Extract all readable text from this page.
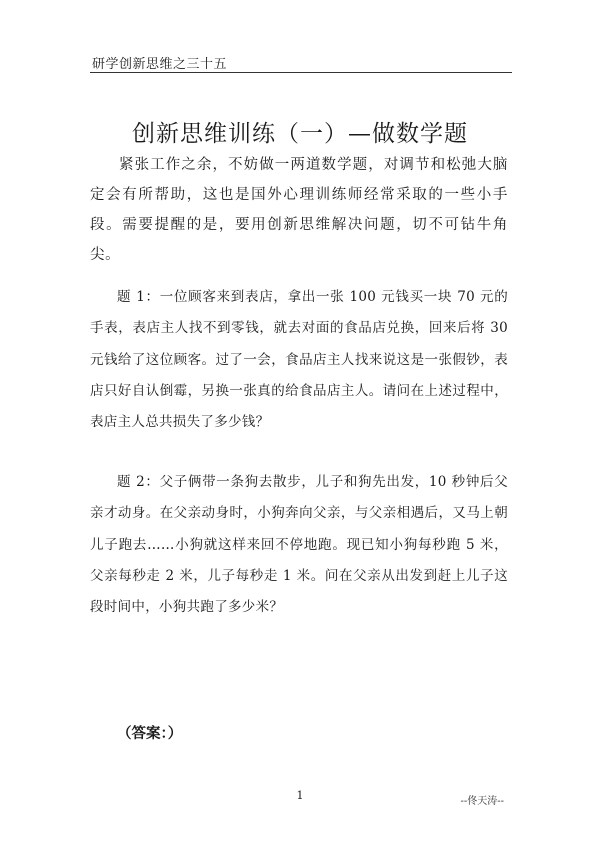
研学创新思维之三十五
创新思维训练（一）—做数学题

紧张工作之余，不妨做一两道数学题，对调节和松弛大脑定会有所帮助，这也是国外心理训练师经常采取的一些小手段。需要提醒的是，要用创新思维解决问题，切不可钻牛角尖。

题 1：一位顾客来到表店，拿出一张 100 元钱买一块 70 元的手表，表店主人找不到零钱，就去对面的食品店兑换，回来后将 30 元钱给了这位顾客。过了一会，食品店主人找来说这是一张假钞，表店只好自认倒霉，另换一张真的给食品店主人。请问在上述过程中，表店主人总共损失了多少钱？

题 2：父子俩带一条狗去散步，儿子和狗先出发，10 秒钟后父亲才动身。在父亲动身时，小狗奔向父亲，与父亲相遇后，又马上朝儿子跑去……小狗就这样来回不停地跑。现已知小狗每秒跑 5 米，父亲每秒走 2 米，儿子每秒走 1 米。问在父亲从出发到赶上儿子这段时间中，小狗共跑了多少米？

（答案：）
1	--佟天涛--
